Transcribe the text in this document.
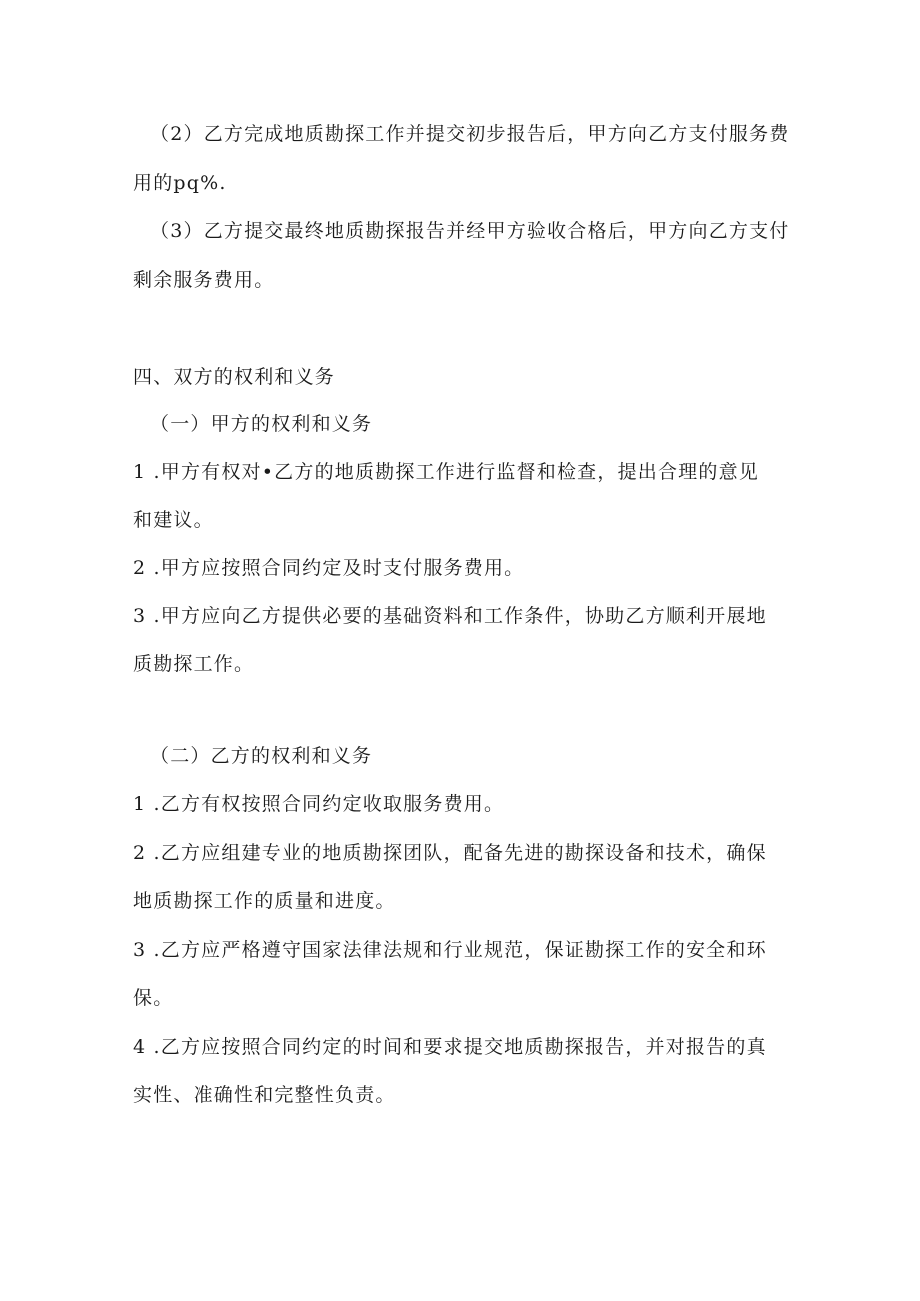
（2）乙方完成地质勘探工作并提交初步报告后，甲方向乙方支付服务费
用的pq%.
（3）乙方提交最终地质勘探报告并经甲方验收合格后，甲方向乙方支付
剩余服务费用。
四、双方的权利和义务
（一）甲方的权利和义务
1 .甲方有权对•乙方的地质勘探工作进行监督和检查，提出合理的意见
和建议。
2 .甲方应按照合同约定及时支付服务费用。
3 .甲方应向乙方提供必要的基础资料和工作条件，协助乙方顺利开展地
质勘探工作。
（二）乙方的权利和义务
1 .乙方有权按照合同约定收取服务费用。
2 .乙方应组建专业的地质勘探团队，配备先进的勘探设备和技术，确保
地质勘探工作的质量和进度。
3 .乙方应严格遵守国家法律法规和行业规范，保证勘探工作的安全和环
保。
4 .乙方应按照合同约定的时间和要求提交地质勘探报告，并对报告的真
实性、准确性和完整性负责。
